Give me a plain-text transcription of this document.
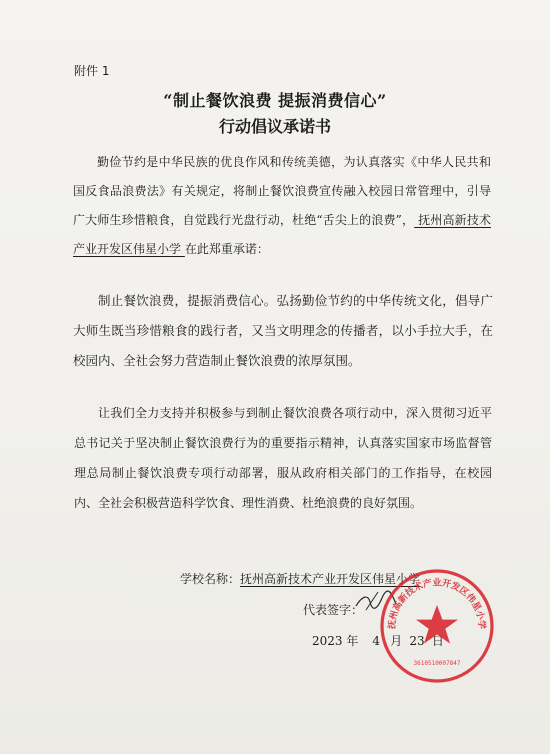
附件 1
“制止餐饮浪费 提振消费信心”
行动倡议承诺书
勤俭节约是中华民族的优良作风和传统美德，为认真落实《中华人民共和国反食品浪费法》有关规定，将制止餐饮浪费宣传融入校园日常管理中，引导广大师生珍惜粮食，自觉践行光盘行动，杜绝“舌尖上的浪费”， 抚州高新技术产业开发区伟星小学 在此郑重承诺：
制止餐饮浪费，提振消费信心。弘扬勤俭节约的中华传统文化，倡导广大师生既当珍惜粮食的践行者，又当文明理念的传播者，以小手拉大手，在校园内、全社会努力营造制止餐饮浪费的浓厚氛围。
让我们全力支持并积极参与到制止餐饮浪费各项行动中，深入贯彻习近平总书记关于坚决制止餐饮浪费行为的重要指示精神，认真落实国家市场监督管理总局制止餐饮浪费专项行动部署，服从政府相关部门的工作指导，在校园内、全社会积极营造科学饮食、理性消费、杜绝浪费的良好氛围。
学校名称：抚州高新技术产业开发区伟星小学
代表签字：
2023 年 4 月 23 日
抚州高新技术产业开发区伟星小学
3610510007847
